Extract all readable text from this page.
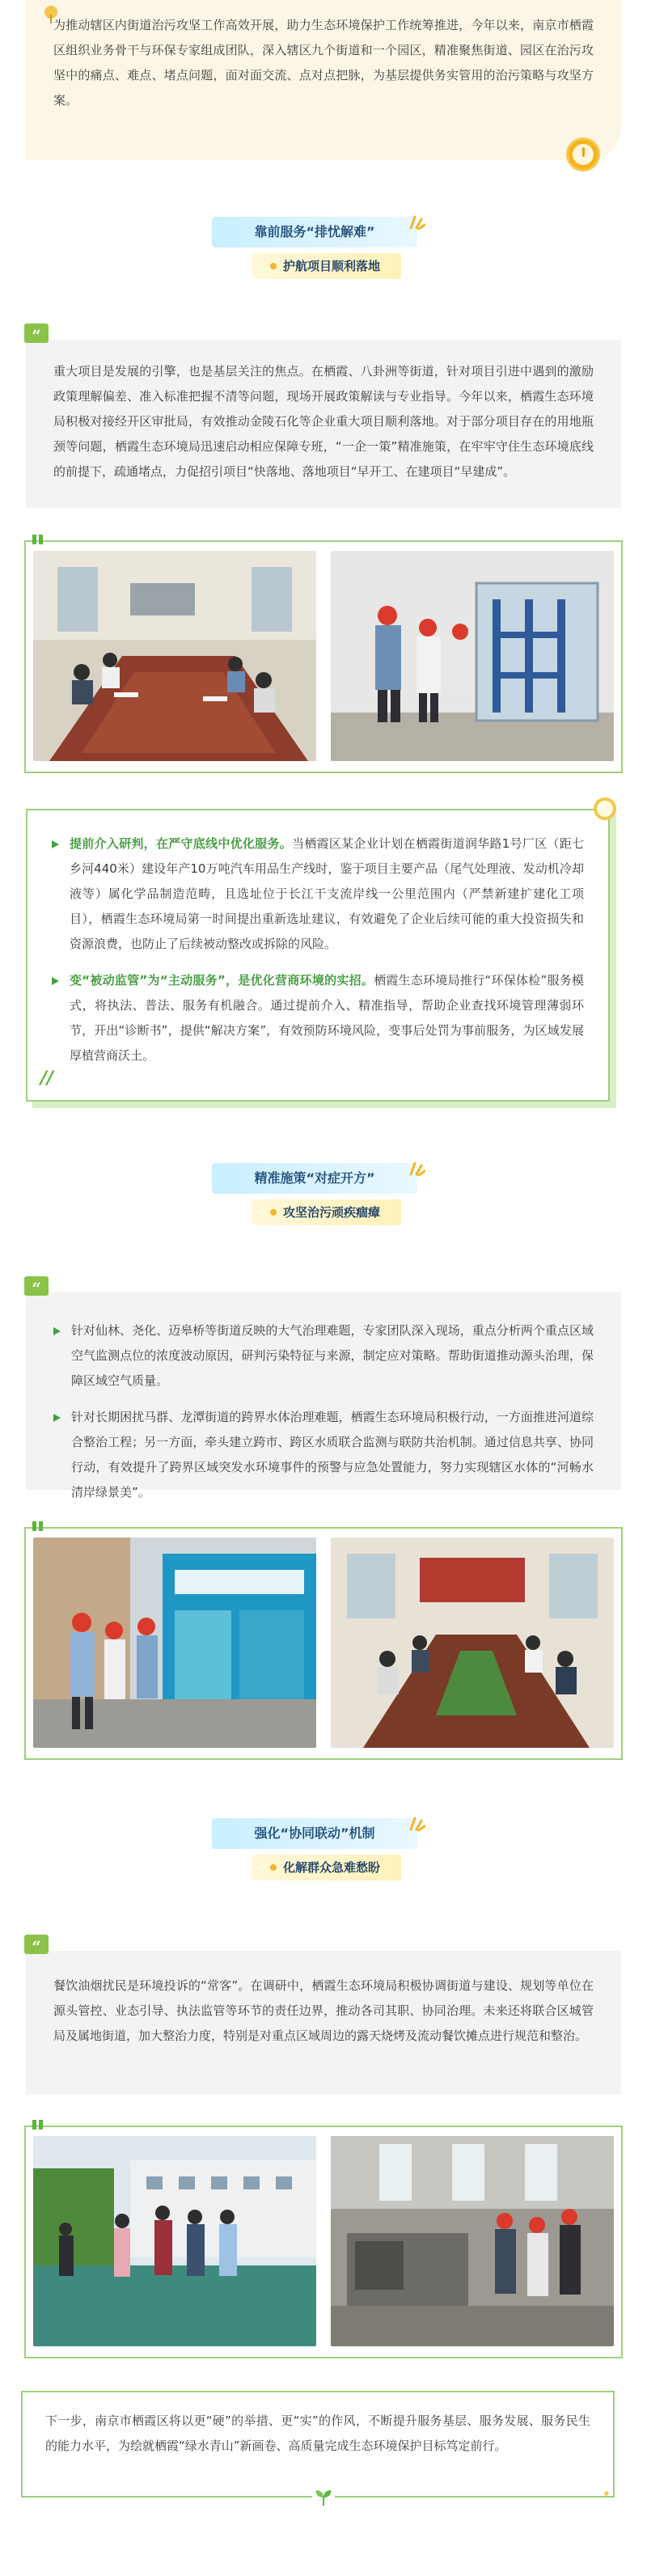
为推动辖区内街道治污攻坚工作高效开展，助力生态环境保护工作统筹推进，今年以来，南京市栖霞区组织业务骨干与环保专家组成团队，深入辖区九个街道和一个园区，精准聚焦街道、园区在治污攻坚中的痛点、难点、堵点问题，面对面交流、点对点把脉，为基层提供务实管用的治污策略与攻坚方案。

靠前服务“排忧解难”
护航项目顺利落地
“

重大项目是发展的引擎，也是基层关注的焦点。在栖霞、八卦洲等街道，针对项目引进中遇到的激励政策理解偏差、准入标准把握不清等问题，现场开展政策解读与专业指导。今年以来，栖霞生态环境局积极对接经开区审批局，有效推动金陵石化等企业重大项目顺利落地。对于部分项目存在的用地瓶颈等问题，栖霞生态环境局迅速启动相应保障专班，“一企一策”精准施策，在牢牢守住生态环境底线的前提下，疏通堵点，力促招引项目“快落地、落地项目“早开工、在建项目“早建成”。

提前介入研判，在严守底线中优化服务。当栖霞区某企业计划在栖霞街道润华路1号厂区（距七乡河440米）建设年产10万吨汽车用品生产线时，鉴于项目主要产品（尾气处理液、发动机冷却液等）属化学品制造范畴，且选址位于长江干支流岸线一公里范围内（严禁新建扩建化工项目），栖霞生态环境局第一时间提出重新选址建议，有效避免了企业后续可能的重大投资损失和资源浪费，也防止了后续被动整改或拆除的风险。
变“被动监管”为“主动服务”，是优化营商环境的实招。栖霞生态环境局推行“环保体检”服务模式，将执法、普法、服务有机融合。通过提前介入、精准指导，帮助企业查找环境管理薄弱环节，开出“诊断书”，提供“解决方案”，有效预防环境风险，变事后处罚为事前服务，为区域发展厚植营商沃土。
//
精准施策“对症开方”
攻坚治污顽疾痼瘴
“
针对仙林、尧化、迈皋桥等街道反映的大气治理难题，专家团队深入现场，重点分析两个重点区域空气监测点位的浓度波动原因，研判污染特征与来源，制定应对策略。帮助街道推动源头治理，保障区域空气质量。
针对长期困扰马群、龙潭街道的跨界水体治理难题，栖霞生态环境局积极行动，一方面推进河道综合整治工程；另一方面，牵头建立跨市、跨区水质联合监测与联防共治机制。通过信息共享、协同行动，有效提升了跨界区域突发水环境事件的预警与应急处置能力，努力实现辖区水体的“河畅水清岸绿景美”。
强化“协同联动”机制
化解群众急难愁盼
“

餐饮油烟扰民是环境投诉的“常客”。在调研中，栖霞生态环境局积极协调街道与建设、规划等单位在源头管控、业态引导、执法监管等环节的责任边界，推动各司其职、协同治理。未来还将联合区城管局及属地街道，加大整治力度，特别是对重点区域周边的露天烧烤及流动餐饮摊点进行规范和整治。

下一步，南京市栖霞区将以更“硬”的举措、更“实”的作风，不断提升服务基层、服务发展、服务民生的能力水平，为绘就栖霞“绿水青山”新画卷、高质量完成生态环境保护目标笃定前行。

✦
